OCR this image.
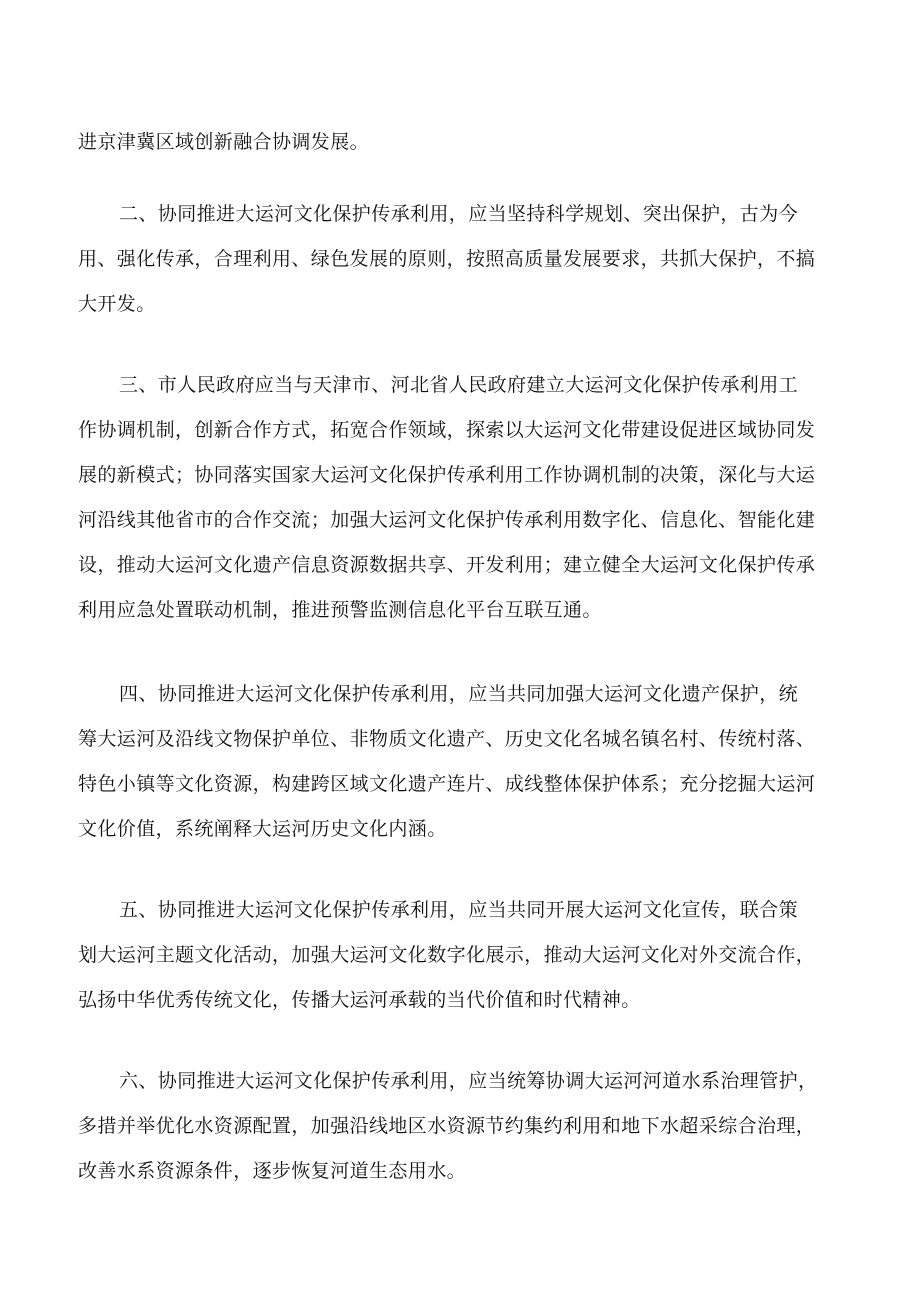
进京津冀区域创新融合协调发展。
二、协同推进大运河文化保护传承利用，应当坚持科学规划、突出保护，古为今
用、强化传承，合理利用、绿色发展的原则，按照高质量发展要求，共抓大保护，不搞
大开发。
三、市人民政府应当与天津市、河北省人民政府建立大运河文化保护传承利用工
作协调机制，创新合作方式，拓宽合作领域，探索以大运河文化带建设促进区域协同发
展的新模式；协同落实国家大运河文化保护传承利用工作协调机制的决策，深化与大运
河沿线其他省市的合作交流；加强大运河文化保护传承利用数字化、信息化、智能化建
设，推动大运河文化遗产信息资源数据共享、开发利用；建立健全大运河文化保护传承
利用应急处置联动机制，推进预警监测信息化平台互联互通。
四、协同推进大运河文化保护传承利用，应当共同加强大运河文化遗产保护，统
筹大运河及沿线文物保护单位、非物质文化遗产、历史文化名城名镇名村、传统村落、
特色小镇等文化资源，构建跨区域文化遗产连片、成线整体保护体系；充分挖掘大运河
文化价值，系统阐释大运河历史文化内涵。
五、协同推进大运河文化保护传承利用，应当共同开展大运河文化宣传，联合策
划大运河主题文化活动，加强大运河文化数字化展示，推动大运河文化对外交流合作，
弘扬中华优秀传统文化，传播大运河承载的当代价值和时代精神。
六、协同推进大运河文化保护传承利用，应当统筹协调大运河河道水系治理管护，
多措并举优化水资源配置，加强沿线地区水资源节约集约利用和地下水超采综合治理，
改善水系资源条件，逐步恢复河道生态用水。
